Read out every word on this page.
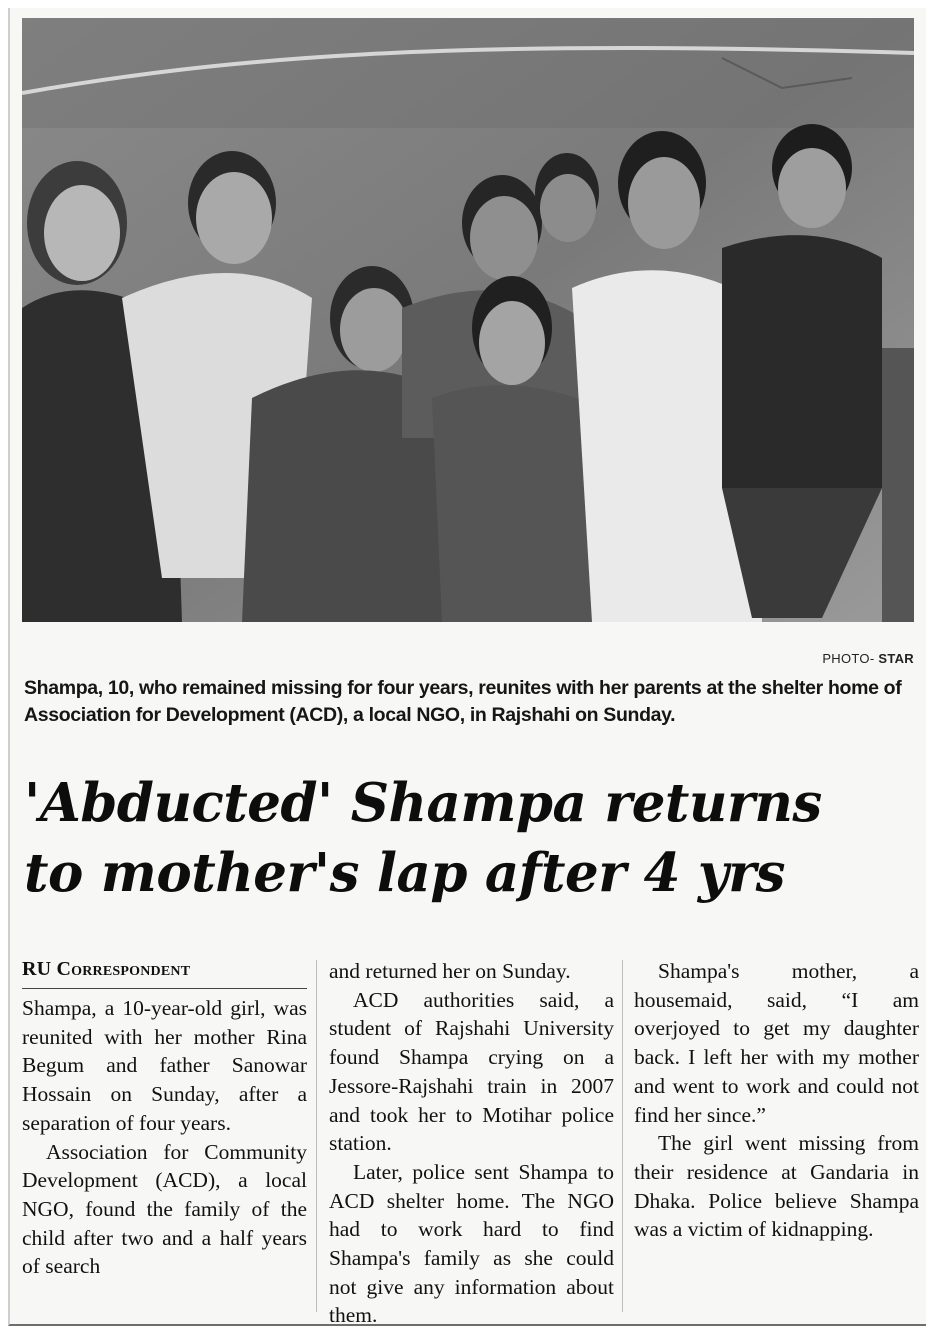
PHOTO- STAR
Shampa, 10, who remained missing for four years, reunites with her parents at the shelter home of Association for Development (ACD), a local NGO, in Rajshahi on Sunday.
'Abducted' Shampa returns
to mother's lap after 4 yrs
RU Correspondent

Shampa, a 10-year-old girl, was reunited with her mother Rina Begum and father Sanowar Hossain on Sunday, after a separation of four years.

Association for Community Development (ACD), a local NGO, found the family of the child after two and a half years of search

and returned her on Sunday.

ACD authorities said, a student of Rajshahi University found Shampa crying on a Jessore-Rajshahi train in 2007 and took her to Motihar police station.

Later, police sent Shampa to ACD shelter home. The NGO had to work hard to find Shampa's family as she could not give any information about them.

Shampa's mother, a housemaid, said, “I am overjoyed to get my daughter back. I left her with my mother and went to work and could not find her since.”

The girl went missing from their residence at Gandaria in Dhaka. Police believe Shampa was a victim of kidnapping.
